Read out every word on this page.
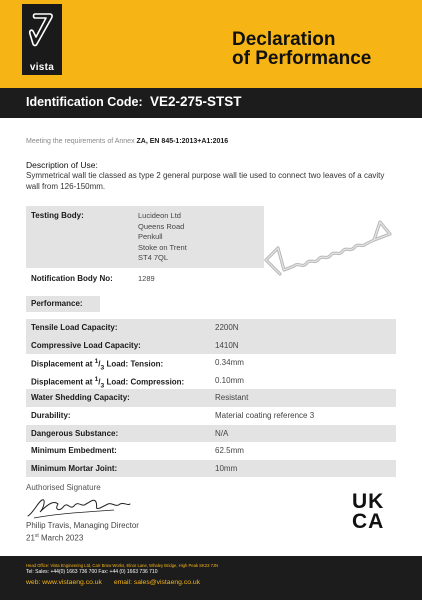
vista
Declaration
of Performance
Identification Code: VE2-275-STST
Meeting the requirements of Annex ZA, EN 845-1:2013+A1:2016
Description of Use:
Symmetrical wall tie classed as type 2 general purpose wall tie used to connect two leaves of a cavity wall from 126-150mm.
Testing Body:	Lucideon Ltd
Queens Road
Penkull
Stoke on Trent
ST4 7QL
Notification Body No:	1289
Performance:
Tensile Load Capacity:	2200N
Compressive Load Capacity:	1410N
Displacement at $^1/_3$ Load: Tension:	0.34mm
Displacement at $^1/_3$ Load: Compression:	0.10mm
Water Shedding Capacity:	Resistant
Durability:	Material coating reference 3
Dangerous Substance:	N/A
Minimum Embedment:	62.5mm
Minimum Mortar Joint:	10mm
Authorised Signature
Philip Travis, Managing Director
21st March 2023
UK
CA
Head Office: Vista Engineering Ltd, Carr Brow Works, Elnor Lane, Whaley Bridge, High Peak SK23 7JN
Tel: Sales: +44(0) 1663 736 700 Fax: +44 (0) 1663 736 710
web: www.vistaeng.co.uk email: sales@vistaeng.co.uk
